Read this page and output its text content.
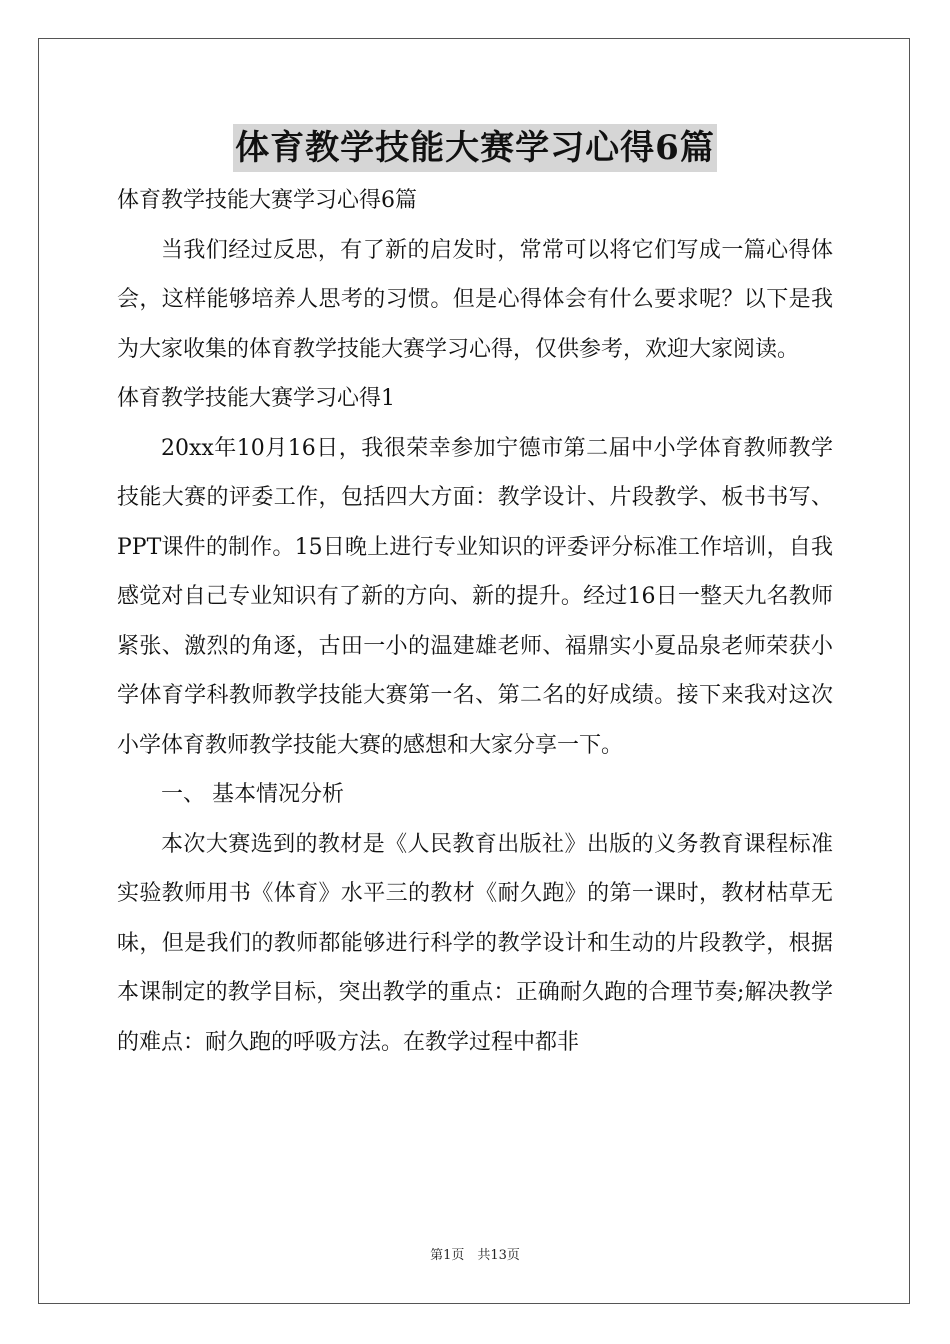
体育教学技能大赛学习心得6篇

体育教学技能大赛学习心得6篇

当我们经过反思，有了新的启发时，常常可以将它们写成一篇心得体会，这样能够培养人思考的习惯。但是心得体会有什么要求呢？以下是我为大家收集的体育教学技能大赛学习心得，仅供参考，欢迎大家阅读。

体育教学技能大赛学习心得1

20xx年10月16日，我很荣幸参加宁德市第二届中小学体育教师教学技能大赛的评委工作，包括四大方面：教学设计、片段教学、板书书写、PPT课件的制作。15日晚上进行专业知识的评委评分标准工作培训，自我感觉对自己专业知识有了新的方向、新的提升。经过16日一整天九名教师紧张、激烈的角逐，古田一小的温建雄老师、福鼎实小夏品泉老师荣获小学体育学科教师教学技能大赛第一名、第二名的好成绩。接下来我对这次小学体育教师教学技能大赛的感想和大家分享一下。

一、 基本情况分析

本次大赛选到的教材是《人民教育出版社》出版的义务教育课程标准实验教师用书《体育》水平三的教材《耐久跑》的第一课时，教材枯草无味，但是我们的教师都能够进行科学的教学设计和生动的片段教学，根据本课制定的教学目标，突出教学的重点：正确耐久跑的合理节奏;解决教学的难点：耐久跑的呼吸方法。在教学过程中都非

第1页　共13页
